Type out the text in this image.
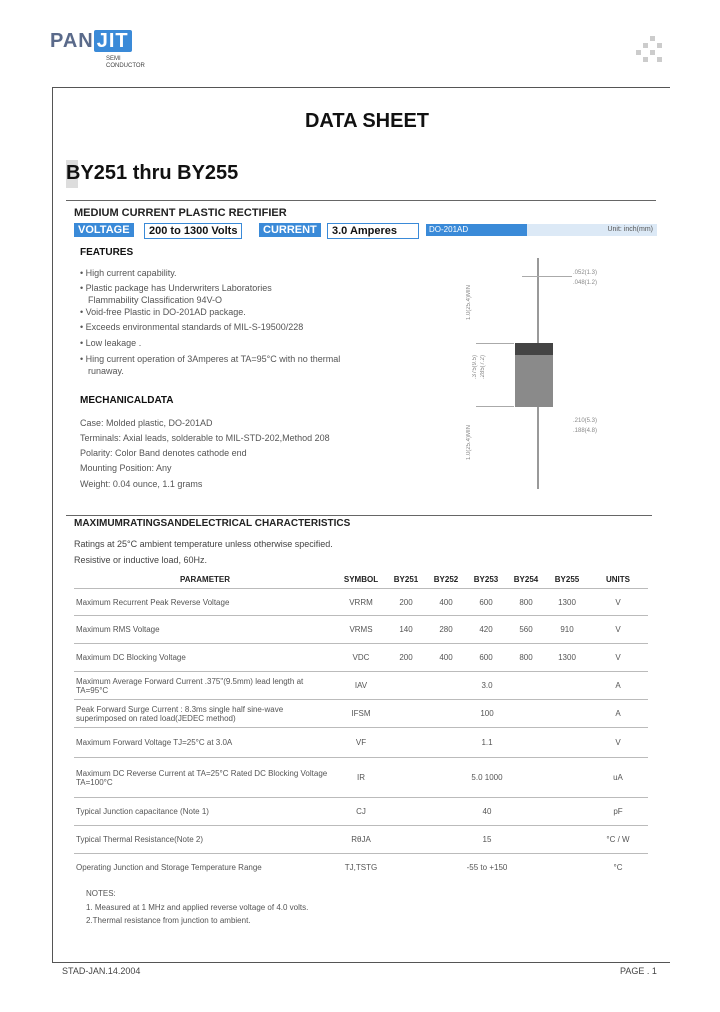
PAN JIT
SEMI
CONDUCTOR
DATA SHEET
BY251 thru BY255
MEDIUM CURRENT PLASTIC RECTIFIER
VOLTAGE	200 to 1300 Volts	CURRENT	3.0 Amperes	DO-201AD	Unit: inch(mm)
FEATURES
• High current capability.
• Plastic package has Underwriters Laboratories
Flammability Classification 94V-O
• Void-free Plastic in DO-201AD package.
• Exceeds environmental standards of MIL-S-19500/228
• Low leakage .
• Hing current operation of 3Amperes at TA=95°C with no thermal
runaway.
MECHANICALDATA
Case: Molded plastic, DO-201AD
Terminals: Axial leads, solderable to MIL-STD-202,Method 208
Polarity: Color Band denotes cathode end
Mounting Position: Any
Weight: 0.04 ounce, 1.1 grams
.052(1.3)
.048(1.2)
1.0(25.4)MIN
.375(9.5) .285(7.2)
.210(5.3)
.188(4.8)
1.0(25.4)MIN
MAXIMUMRATINGSANDELECTRICAL CHARACTERISTICS
Ratings at 25°C ambient temperature unless otherwise specified.
Resistive or inductive load, 60Hz.
PARAMETER	SYMBOL	BY251	BY252	BY253	BY254	BY255	UNITS
Maximum Recurrent Peak Reverse Voltage	VRRM	200	400	600	800	1300	V
Maximum RMS Voltage	VRMS	140	280	420	560	910	V
Maximum DC Blocking Voltage	VDC	200	400	600	800	1300	V
Maximum Average Forward Current .375"(9.5mm) lead length at TA=95°C	IAV	3.0					A
Peak Forward Surge Current : 8.3ms single half sine-wave superimposed on rated load(JEDEC method)	IFSM	100					A
Maximum Forward Voltage TJ=25°C at 3.0A	VF	1.1					V
Maximum DC Reverse Current at TA=25°C Rated DC Blocking Voltage TA=100°C	IR	5.0 1000					uA
Typical Junction capacitance (Note 1)	CJ	40					pF
Typical Thermal Resistance(Note 2)	RθJA	15					°C / W
Operating Junction and Storage Temperature Range	TJ,TSTG	-55 to +150					°C
NOTES:
1. Measured at 1 MHz and applied reverse voltage of 4.0 volts.
2.Thermal resistance from junction to ambient.
STAD-JAN.14.2004	PAGE . 1
